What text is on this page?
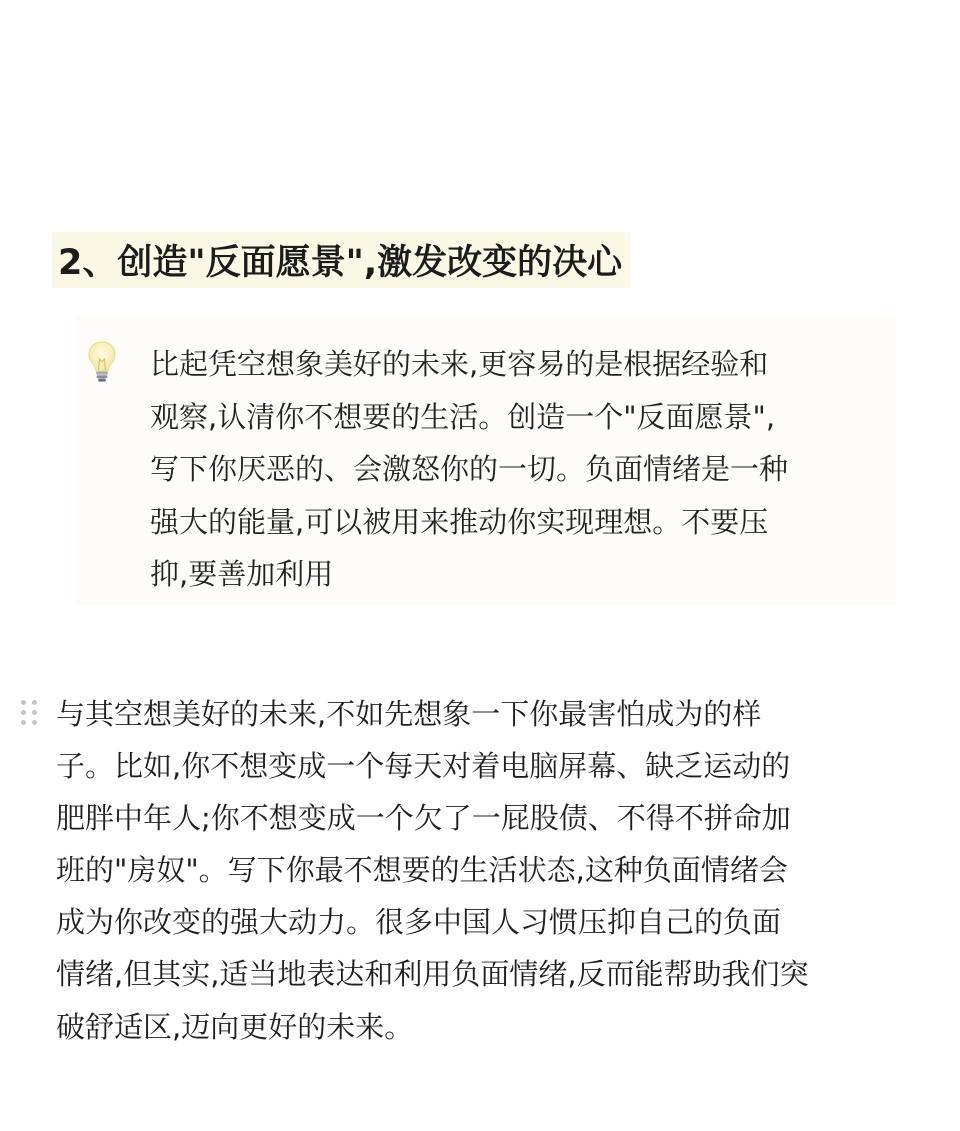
2、创造"反面愿景",激发改变的决心
比起凭空想象美好的未来,更容易的是根据经验和
观察,认清你不想要的生活。创造一个"反面愿景",
写下你厌恶的、会激怒你的一切。负面情绪是一种
强大的能量,可以被用来推动你实现理想。不要压
抑,要善加利用
与其空想美好的未来,不如先想象一下你最害怕成为的样
子。比如,你不想变成一个每天对着电脑屏幕、缺乏运动的
肥胖中年人;你不想变成一个欠了一屁股债、不得不拼命加
班的"房奴"。写下你最不想要的生活状态,这种负面情绪会
成为你改变的强大动力。很多中国人习惯压抑自己的负面
情绪,但其实,适当地表达和利用负面情绪,反而能帮助我们突
破舒适区,迈向更好的未来。
